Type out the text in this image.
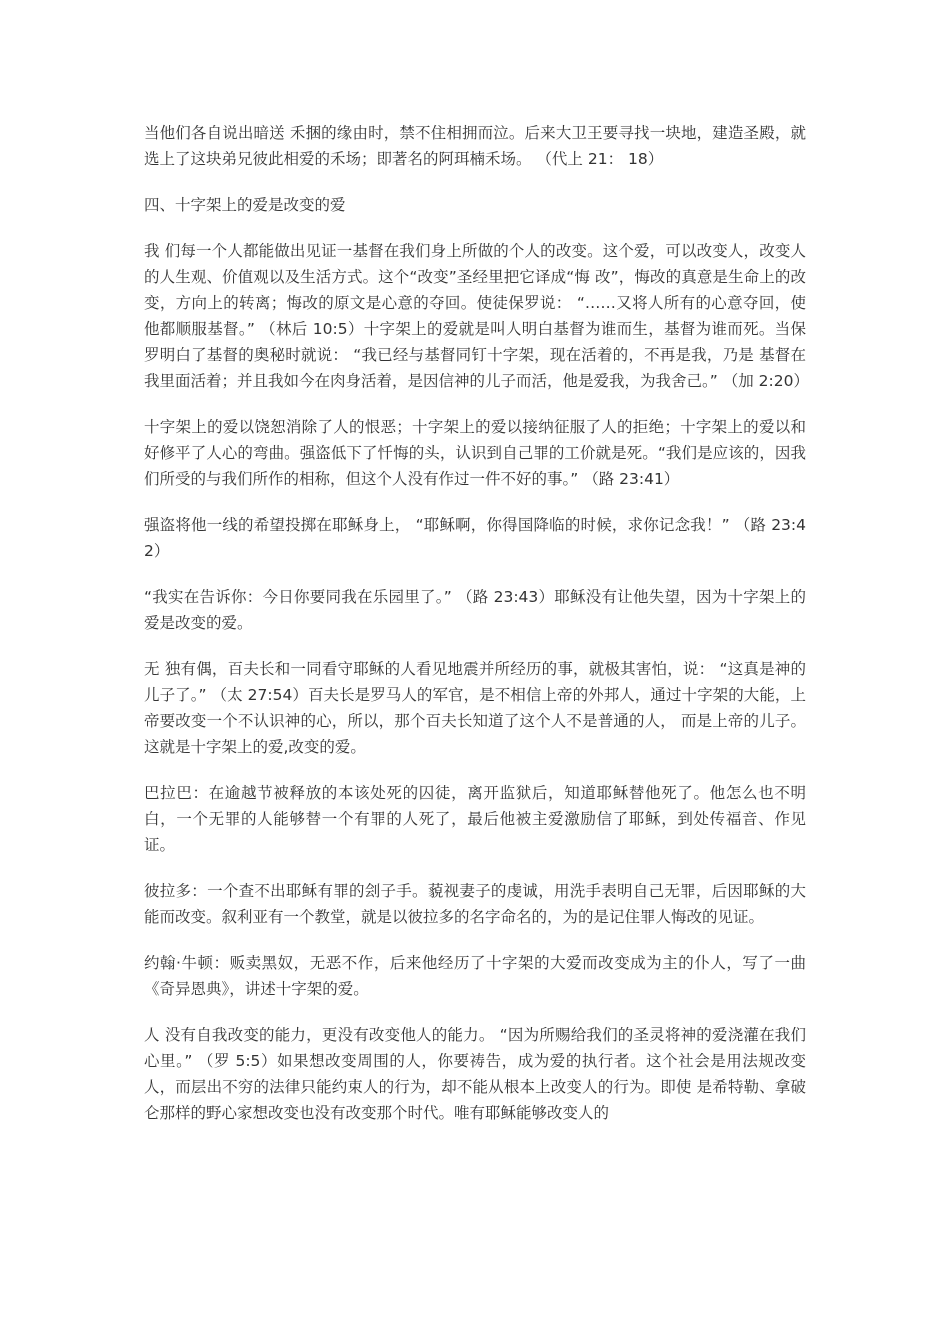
当他们各自说出暗送 禾捆的缘由时，禁不住相拥而泣。后来大卫王要寻找一块地，建造圣殿，就选上了这块弟兄彼此相爱的禾场；即著名的阿珥楠禾场。 （代上 21： 18）

四、十字架上的爱是改变的爱

我 们每一个人都能做出见证一基督在我们身上所做的个人的改变。这个爱，可以改变人，改变人的人生观、价值观以及生活方式。这个“改变”圣经里把它译成“悔 改”，悔改的真意是生命上的改变，方向上的转离；悔改的原文是心意的夺回。使徒保罗说： “……又将人所有的心意夺回，使他都顺服基督。” （林后 10:5）十字架上的爱就是叫人明白基督为谁而生，基督为谁而死。当保罗明白了基督的奥秘时就说： “我已经与基督同钉十字架，现在活着的，不再是我，乃是 基督在我里面活着；并且我如今在肉身活着，是因信神的儿子而活，他是爱我，为我舍己。” （加 2:20）

十字架上的爱以饶恕消除了人的恨恶；十字架上的爱以接纳征服了人的拒绝；十字架上的爱以和好修平了人心的弯曲。强盗低下了忏悔的头，认识到自己罪的工价就是死。“我们是应该的，因我们所受的与我们所作的相称，但这个人没有作过一件不好的事。” （路 23:41）

强盗将他一线的希望投掷在耶稣身上， “耶稣啊，你得国降临的时候，求你记念我！” （路 23:42）

“我实在告诉你：今日你要同我在乐园里了。” （路 23:43）耶稣没有让他失望，因为十字架上的爱是改变的爱。

无 独有偶，百夫长和一同看守耶稣的人看见地震并所经历的事，就极其害怕，说： “这真是神的儿子了。” （太 27:54）百夫长是罗马人的军官，是不相信上帝的外邦人，通过十字架的大能，上帝要改变一个不认识神的心，所以，那个百夫长知道了这个人不是普通的人， 而是上帝的儿子。这就是十字架上的爱,改变的爱。

巴拉巴：在逾越节被释放的本该处死的囚徒，离开监狱后，知道耶稣替他死了。他怎么也不明白，一个无罪的人能够替一个有罪的人死了，最后他被主爱激励信了耶稣，到处传福音、作见证。

彼拉多：一个查不出耶稣有罪的刽子手。藐视妻子的虔诚，用洗手表明自己无罪，后因耶稣的大能而改变。叙利亚有一个教堂，就是以彼拉多的名字命名的，为的是记住罪人悔改的见证。

约翰·牛顿：贩卖黑奴，无恶不作，后来他经历了十字架的大爱而改变成为主的仆人，写了一曲《奇异恩典》，讲述十字架的爱。

人 没有自我改变的能力，更没有改变他人的能力。 “因为所赐给我们的圣灵将神的爱浇灌在我们心里。” （罗 5:5）如果想改变周围的人，你要祷告，成为爱的执行者。这个社会是用法规改变人，而层出不穷的法律只能约束人的行为，却不能从根本上改变人的行为。即使 是希特勒、拿破仑那样的野心家想改变也没有改变那个时代。唯有耶稣能够改变人的
